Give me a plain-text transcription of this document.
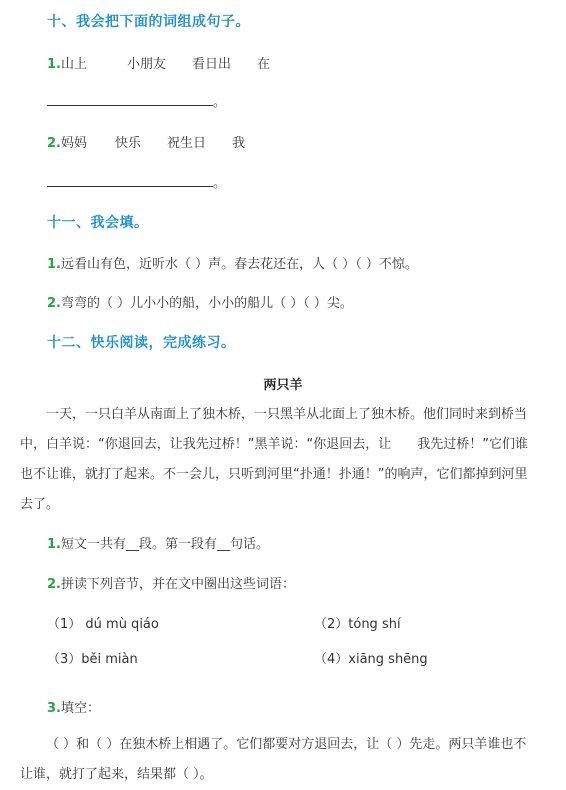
十、我会把下面的词组成句子。
1.山上	小朋友 看日出 在
。
2.妈妈 快乐 祝生日 我
。
十一、我会填。
1.远看山有色，近听水（ ）声。春去花还在，人（ ）（ ）不惊。
2.弯弯的（ ）儿小小的船，小小的船儿（ ）（ ）尖。
十二、快乐阅读，完成练习。
两只羊
一天，一只白羊从南面上了独木桥，一只黑羊从北面上了独木桥。他们同时来到桥当中，白羊说：“你退回去，让我先过桥！”黑羊说：“你退回去，让　　我先过桥！”它们谁也不让谁，就打了起来。不一会儿，只听到河里“扑通！扑通！”的响声，它们都掉到河里去了。
1.短文一共有__段。第一段有__句话。
2.拼读下列音节，并在文中圈出这些词语：
（1） dú mù qiáo	（2）tóng shí
（3）běi miàn	（4）xiāng shēng
3.填空：
（ ）和（ ）在独木桥上相遇了。它们都要对方退回去，让（ ）先走。两只羊谁也不让谁，就打了起来，结果都（ ）。
